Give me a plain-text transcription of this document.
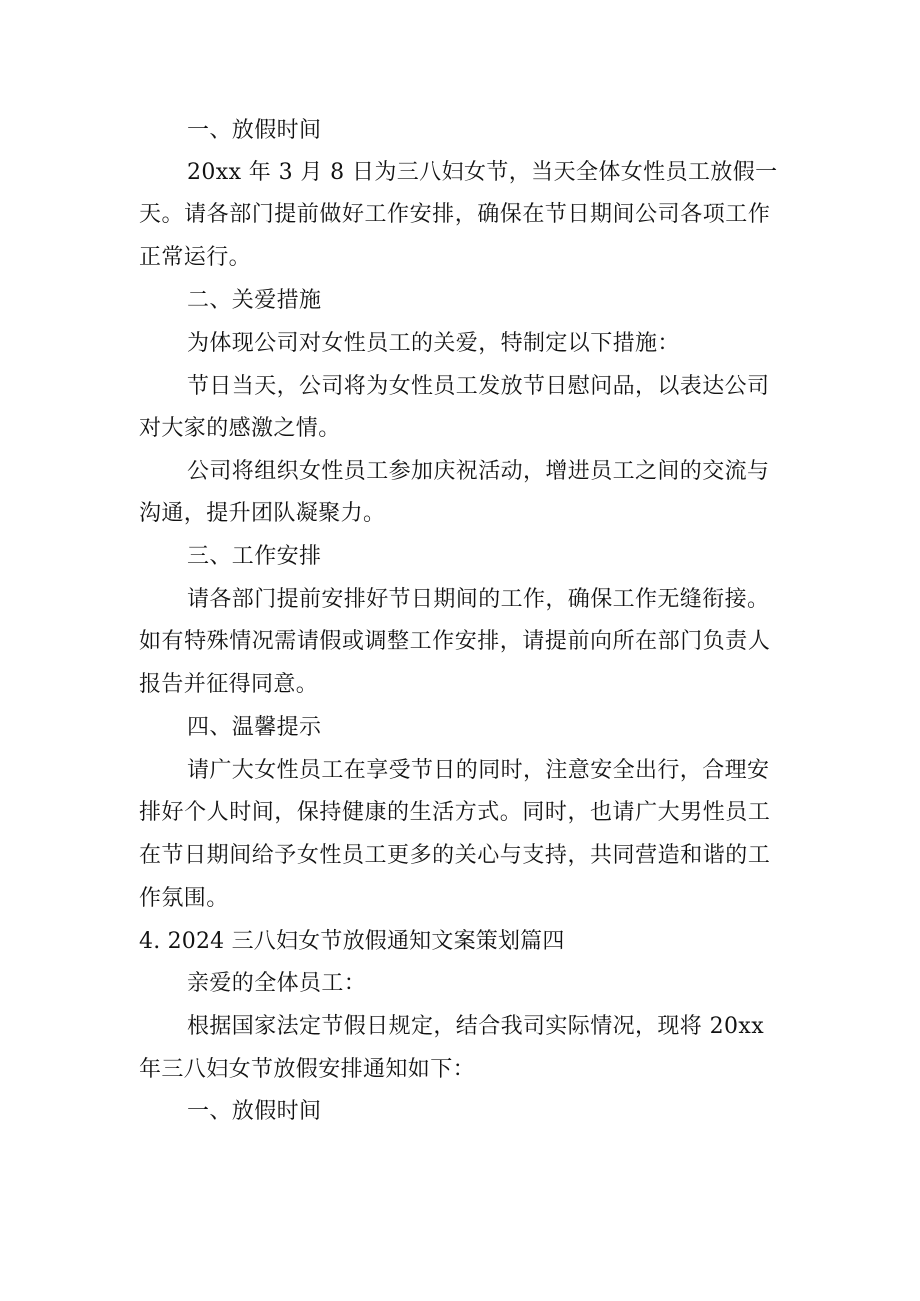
一、放假时间
20xx 年 3 月 8 日为三八妇女节，当天全体女性员工放假一
天。请各部门提前做好工作安排，确保在节日期间公司各项工作
正常运行。
二、关爱措施
为体现公司对女性员工的关爱，特制定以下措施：
节日当天，公司将为女性员工发放节日慰问品，以表达公司
对大家的感激之情。
公司将组织女性员工参加庆祝活动，增进员工之间的交流与
沟通，提升团队凝聚力。
三、工作安排
请各部门提前安排好节日期间的工作，确保工作无缝衔接。
如有特殊情况需请假或调整工作安排，请提前向所在部门负责人
报告并征得同意。
四、温馨提示
请广大女性员工在享受节日的同时，注意安全出行，合理安
排好个人时间，保持健康的生活方式。同时，也请广大男性员工
在节日期间给予女性员工更多的关心与支持，共同营造和谐的工
作氛围。
4. 2024 三八妇女节放假通知文案策划篇四
亲爱的全体员工：
根据国家法定节假日规定，结合我司实际情况，现将 20xx
年三八妇女节放假安排通知如下：
一、放假时间
